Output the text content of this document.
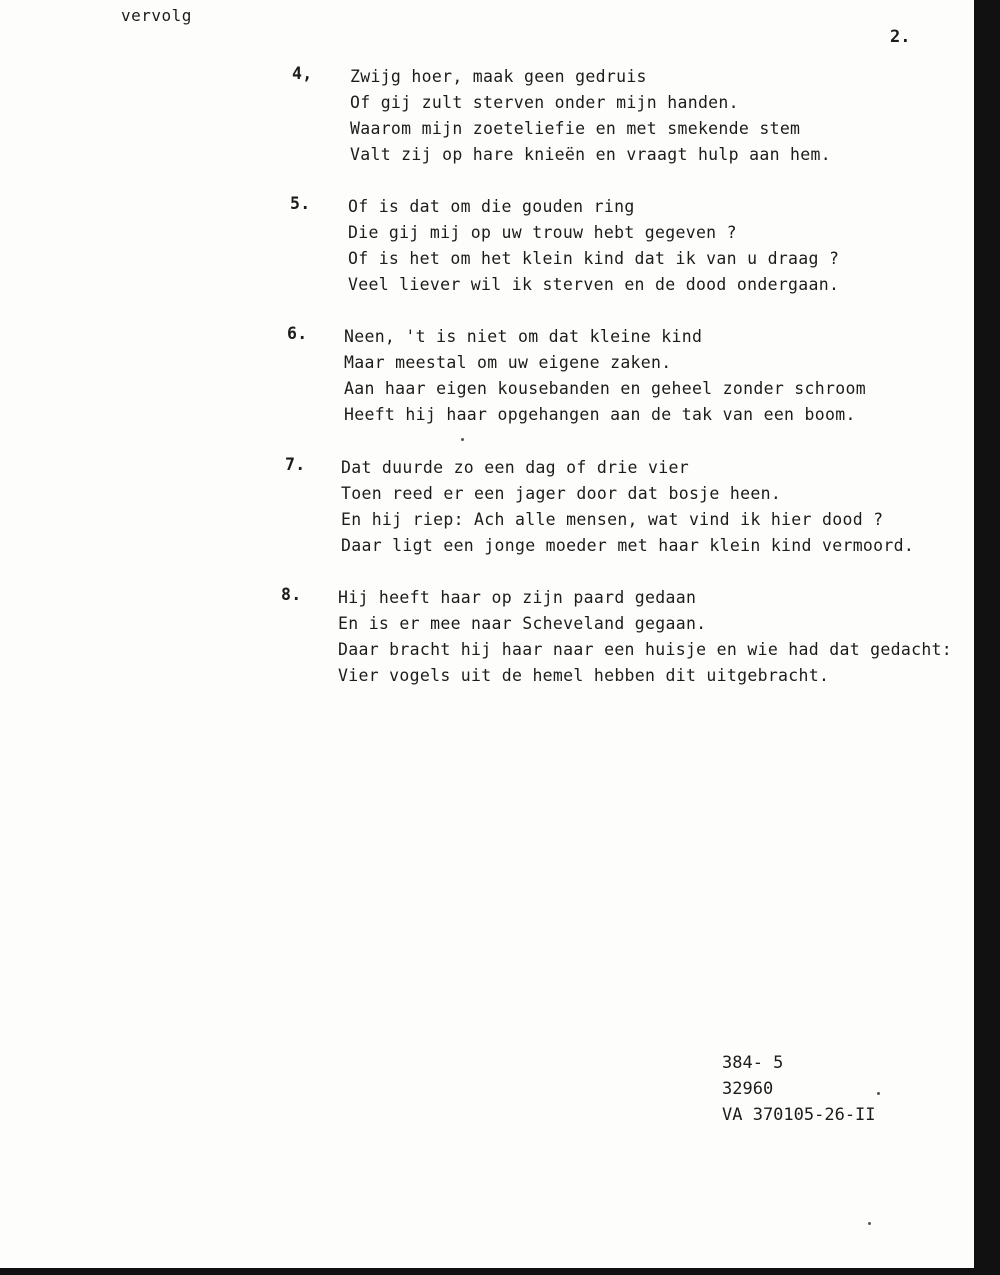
vervolg
2.
4, Zwijg hoer, maak geen gedruis
Of gij zult sterven onder mijn handen.
Waarom mijn zoeteliefie en met smekende stem
Valt zij op hare knieën en vraagt hulp aan hem.
5. Of is dat om die gouden ring
Die gij mij op uw trouw hebt gegeven ?
Of is het om het klein kind dat ik van u draag ?
Veel liever wil ik sterven en de dood ondergaan.
6. Neen, 't is niet om dat kleine kind
Maar meestal om uw eigene zaken.
Aan haar eigen kousebanden en geheel zonder schroom
Heeft hij haar opgehangen aan de tak van een boom.
7. Dat duurde zo een dag of drie vier
Toen reed er een jager door dat bosje heen.
En hij riep: Ach alle mensen, wat vind ik hier dood ?
Daar ligt een jonge moeder met haar klein kind vermoord.
8. Hij heeft haar op zijn paard gedaan
En is er mee naar Scheveland gegaan.
Daar bracht hij haar naar een huisje en wie had dat gedacht:
Vier vogels uit de hemel hebben dit uitgebracht.
384- 5
32960
VA 370105-26-II
